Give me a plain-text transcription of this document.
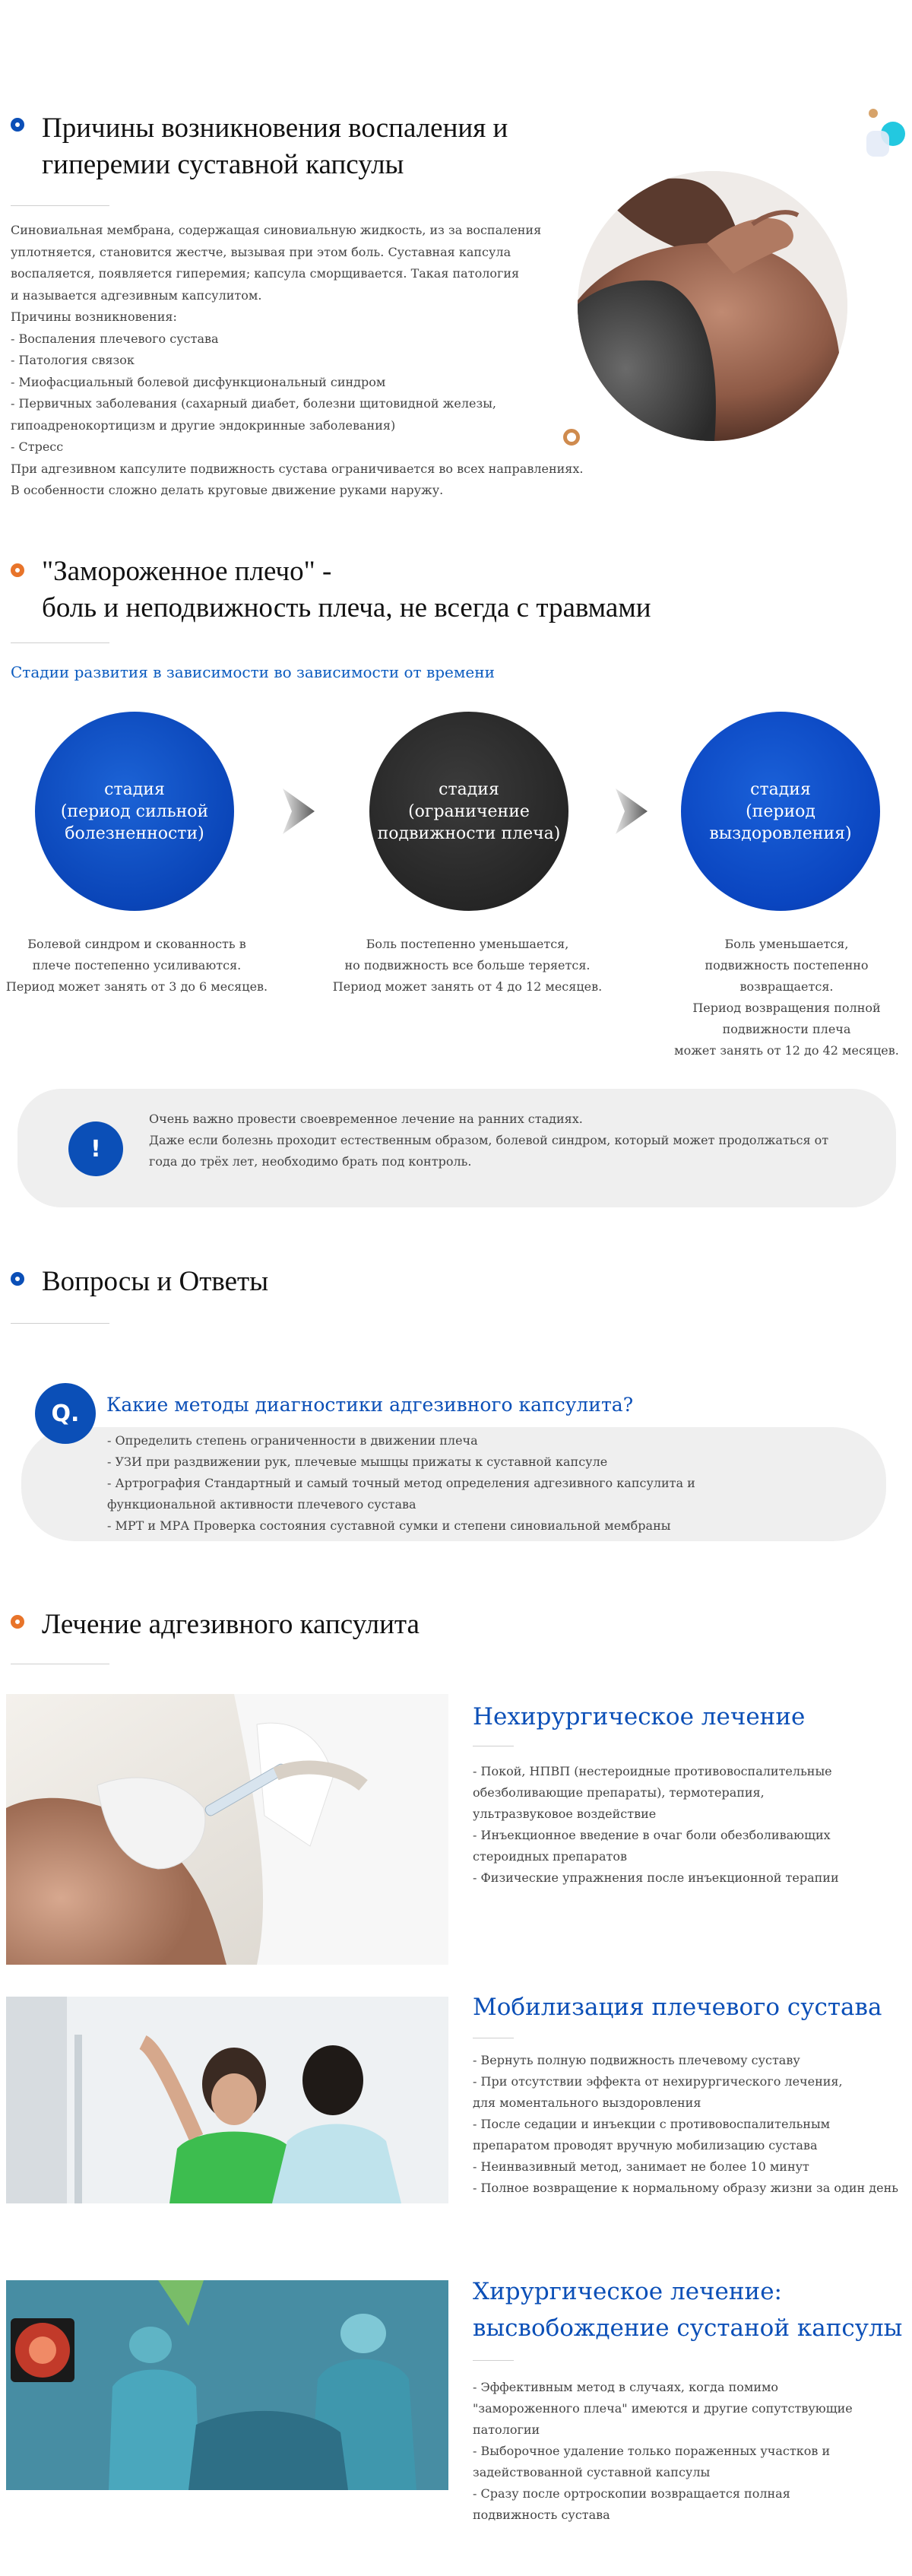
Причины возникновения воспаления и
гиперемии суставной капсулы
Синовиальная мембрана, содержащая синовиальную жидкость, из за воспаления
уплотняется, становится жестче, вызывая при этом боль. Суставная капсула
воспаляется, появляется гиперемия; капсула сморщивается. Такая патология
и называется адгезивным капсулитом.
Причины возникновения:
- Воспаления плечевого сустава
- Патология связок
- Миофасциальный болевой дисфункциональный синдром
- Первичных заболевания (сахарный диабет, болезни щитовидной железы,
гипоадренокортицизм и другие эндокринные заболевания)
- Стресс
При адгезивном капсулите подвижность сустава ограничивается во всех направлениях.
В особенности сложно делать круговые движение руками наружу.
"Замороженное плечо" -
боль и неподвижность плеча, не всегда с травмами
Стадии развития в зависимости во зависимости от времени
стадия
(период сильной
болезненности)
стадия
(ограничение
подвижности плеча)
стадия
(период
выздоровления)
Болевой синдром и скованность в
плече постепенно усиливаются.
Период может занять от 3 до 6 месяцев.
Боль постепенно уменьшается,
но подвижность все больше теряется.
Период может занять от 4 до 12 месяцев.
Боль уменьшается,
подвижность постепенно
возвращается.
Период возвращения полной
подвижности плеча
может занять от 12 до 42 месяцев.
!
Очень важно провести своевременное лечение на ранних стадиях.
Даже если болезнь проходит естественным образом, болевой синдром, который может продолжаться от
года до трёх лет, необходимо брать под контроль.
Вопросы и Ответы
Q.	Какие методы диагностики адгезивного капсулита?
- Определить степень ограниченности в движении плеча
- УЗИ при раздвижении рук, плечевые мышцы прижаты к суставной капсуле
- Артрография Стандартный и самый точный метод определения адгезивного капсулита и
функциональной активности плечевого сустава
- МРТ и МРА Проверка состояния суставной сумки и степени синовиальной мембраны
Лечение адгезивного капсулита
Нехирургическое лечение
- Покой, НПВП (нестероидные противовоспалительные
обезболивающие препараты), термотерапия,
ультразвуковое воздействие
- Инъекционное введение в очаг боли обезболивающих
стероидных препаратов
- Физические упражнения после инъекционной терапии
Мобилизация плечевого сустава
- Вернуть полную подвижность плечевому суставу
- При отсутствии эффекта от нехирургического лечения,
для моментального выздоровления
- После седации и инъекции с противовоспалительным
препаратом проводят вручную мобилизацию сустава
- Неинвазивный метод, занимает не более 10 минут
- Полное возвращение к нормальному образу жизни за один день
Хирургическое лечение:
высвобождение сустаной капсулы
- Эффективным метод в случаях, когда помимо
"замороженного плеча" имеются и другие сопутствующие
патологии
- Выборочное удаление только пораженных участков и
задействованной суставной капсулы
- Сразу после ортроскопии возвращается полная
подвижность сустава
